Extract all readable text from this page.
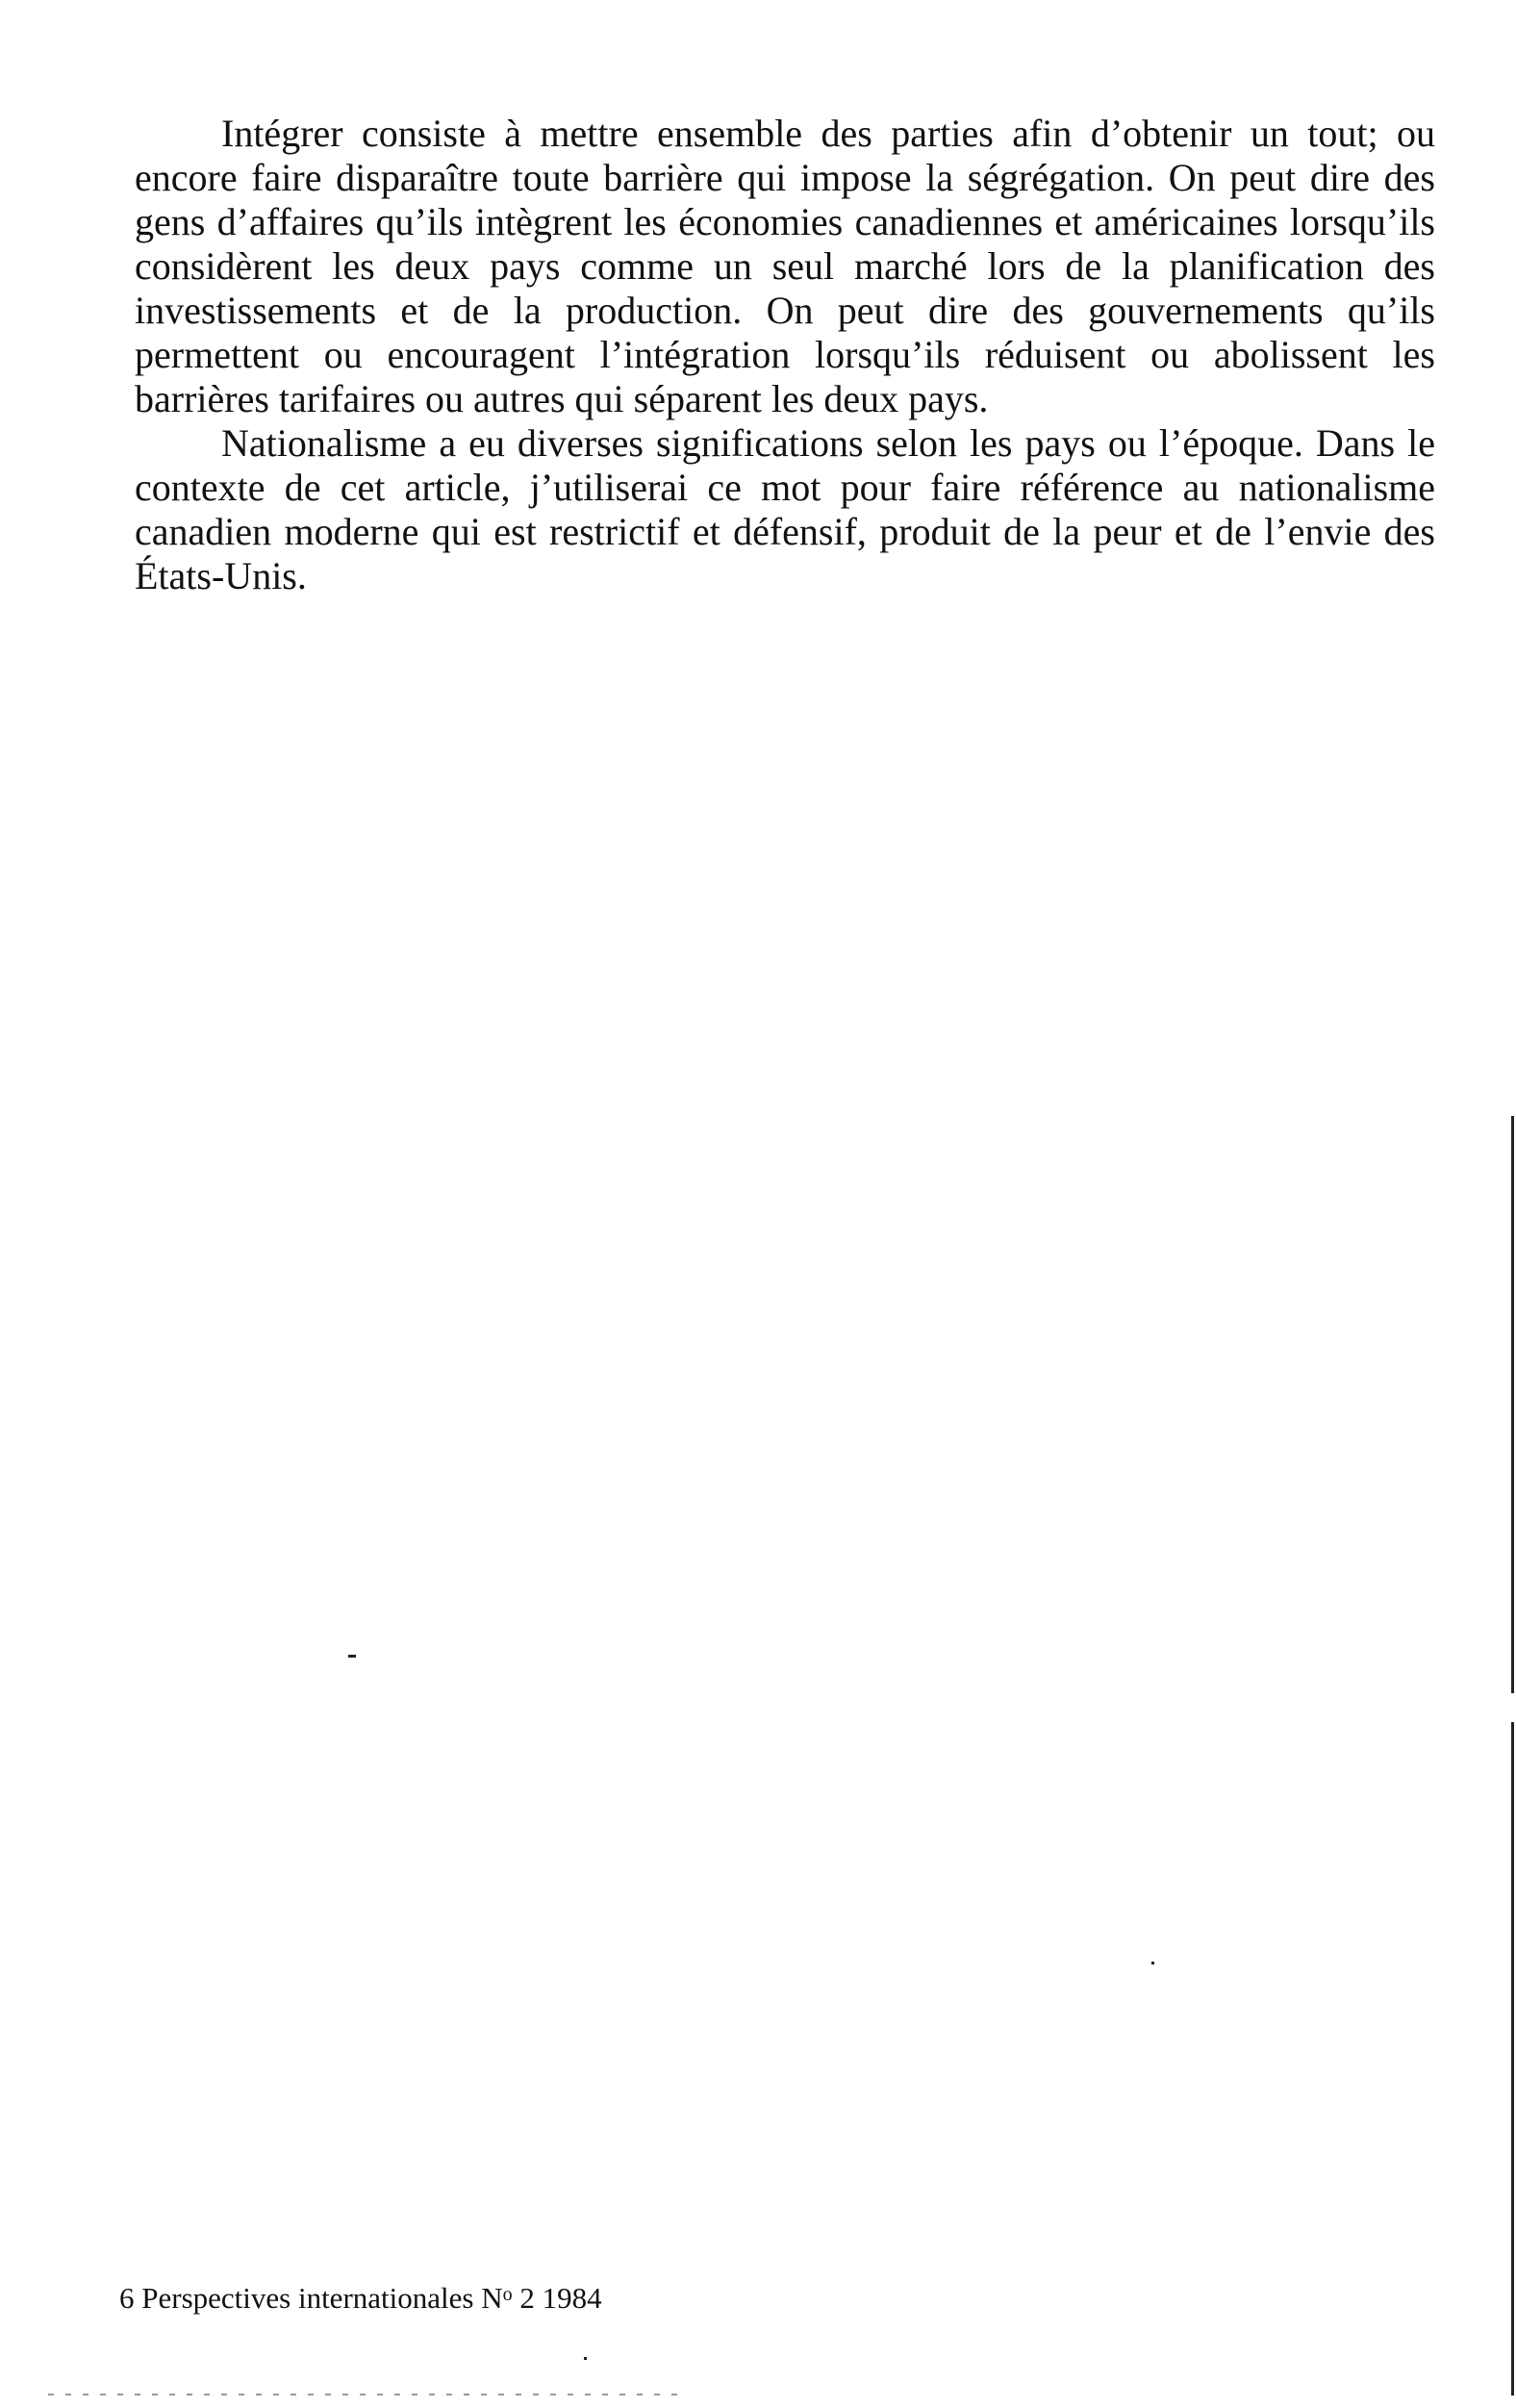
Intégrer consiste à mettre ensemble des parties afin d’obtenir un tout; ou encore faire disparaître toute barrière qui impose la ségrégation. On peut dire des gens d’affaires qu’ils intègrent les économies canadiennes et américaines lorsqu’ils considèrent les deux pays comme un seul marché lors de la planification des investissements et de la production. On peut dire des gouvernements qu’ils permettent ou encouragent l’intégration lorsqu’ils réduisent ou abolissent les barrières tarifaires ou autres qui séparent les deux pays.

Nationalisme a eu diverses significations selon les pays ou l’époque. Dans le contexte de cet article, j’utiliserai ce mot pour faire référence au nationalisme canadien moderne qui est restrictif et défensif, produit de la peur et de l’envie des États-Unis.

6 Perspectives internationales $N^o$ 2 1984
